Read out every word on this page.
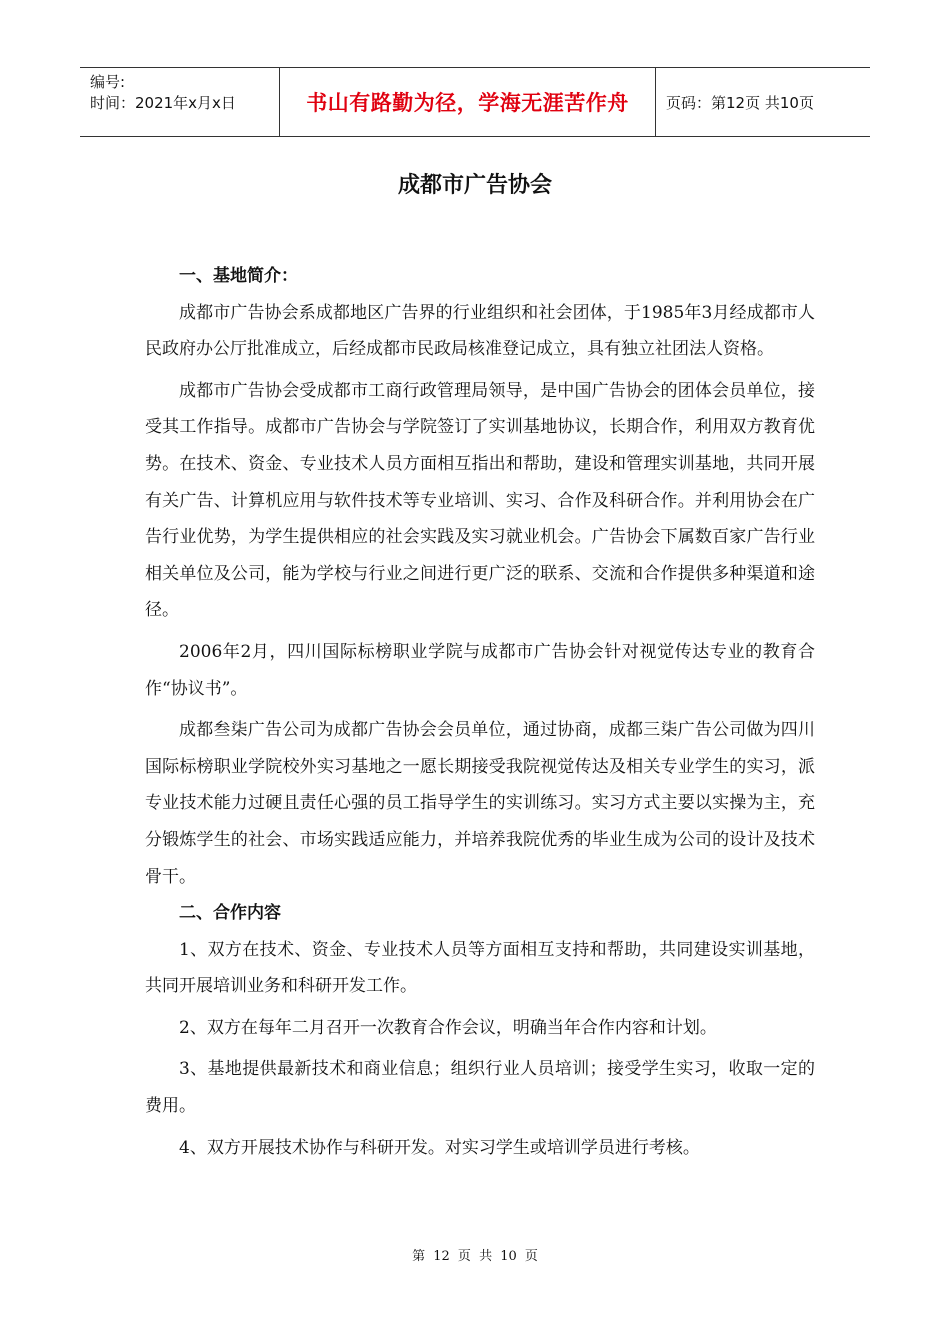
编号:
时间：2021年x月x日	书山有路勤为径，学海无涯苦作舟	页码：第12页 共10页
成都市广告协会

一、基地简介：

成都市广告协会系成都地区广告界的行业组织和社会团体，于1985年3月经成都市人民政府办公厅批准成立，后经成都市民政局核准登记成立，具有独立社团法人资格。

成都市广告协会受成都市工商行政管理局领导，是中国广告协会的团体会员单位，接受其工作指导。成都市广告协会与学院签订了实训基地协议，长期合作，利用双方教育优势。在技术、资金、专业技术人员方面相互指出和帮助，建设和管理实训基地，共同开展有关广告、计算机应用与软件技术等专业培训、实习、合作及科研合作。并利用协会在广告行业优势，为学生提供相应的社会实践及实习就业机会。广告协会下属数百家广告行业相关单位及公司，能为学校与行业之间进行更广泛的联系、交流和合作提供多种渠道和途径。

2006年2月，四川国际标榜职业学院与成都市广告协会针对视觉传达专业的教育合作“协议书”。

成都叁柒广告公司为成都广告协会会员单位，通过协商，成都三柒广告公司做为四川国际标榜职业学院校外实习基地之一愿长期接受我院视觉传达及相关专业学生的实习，派专业技术能力过硬且责任心强的员工指导学生的实训练习。实习方式主要以实操为主，充分锻炼学生的社会、市场实践适应能力，并培养我院优秀的毕业生成为公司的设计及技术骨干。

二、合作内容

1、双方在技术、资金、专业技术人员等方面相互支持和帮助，共同建设实训基地，共同开展培训业务和科研开发工作。

2、双方在每年二月召开一次教育合作会议，明确当年合作内容和计划。

3、基地提供最新技术和商业信息；组织行业人员培训；接受学生实习，收取一定的费用。

4、双方开展技术协作与科研开发。对实习学生或培训学员进行考核。

第 12 页 共 10 页
